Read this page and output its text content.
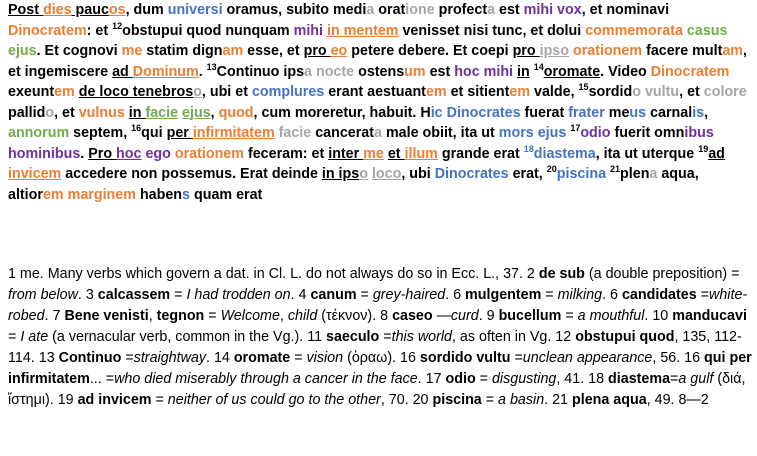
Post dies paucos, dum universi oramus, subito media oratione profecta est mihi vox, et nominavi Dinocratem: et $^{12}$obstupui quod nunquam mihi in mentem venisset nisi tunc, et dolui commemorata casus ejus. Et cognovi me statim dignam esse, et pro eo petere debere. Et coepi pro ipso orationem facere multam, et ingemiscere ad Dominum. $^{13}$Continuo ipsa nocte ostensum est hoc mihi in $^{14}$oromate. Video Dinocratem exeuntem de loco tenebroso, ubi et complures erant aestuantem et sitientem valde, $^{15}$sordido vultu, et colore pallido, et vulnus in facie ejus, quod, cum moreretur, habuit. Hic Dinocrates fuerat frater meus carnalis, annorum septem, $^{16}$qui per infirmitatem facie cancerata male obiit, ita ut mors ejus $^{17}$odio fuerit omnibus hominibus. Pro hoc ego orationem feceram: et inter me et illum grande erat $^{18}$diastema, ita ut uterque $^{19}$ad invicem accedere non possemus. Erat deinde in ipso loco, ubi Dinocrates erat, $^{20}$piscina $^{21}$plena aqua, altiorem marginem habens quam erat

1 me. Many verbs which govern a dat. in Cl. L. do not always do so in Ecc. L., 37. 2 de sub (a double preposition) = from below. 3 calcassem = I had trodden on. 4 canum = grey-haired. 6 mulgentem = milking. 6 candidates =white-robed. 7 Bene venisti, tegnon = Welcome, child (τέκνον). 8 caseo —curd. 9 bucellum = a mouthful. 10 manducavi = I ate (a vernacular verb, common in the Vg.). 11 saeculo =this world, as often in Vg. 12 obstupui quod, 135, 112-114. 13 Continuo =straightway. 14 oromate = vision (ὁραω). 16 sordido vultu =unclean appearance, 56. 16 qui per infirmitatem... =who died miserably through a cancer in the face. 17 odio = disgusting, 41. 18 diastema=a gulf (διά, ἵστημι). 19 ad invicem = neither of us could go to the other, 70. 20 piscina = a basin. 21 plena aqua, 49. 8—2
